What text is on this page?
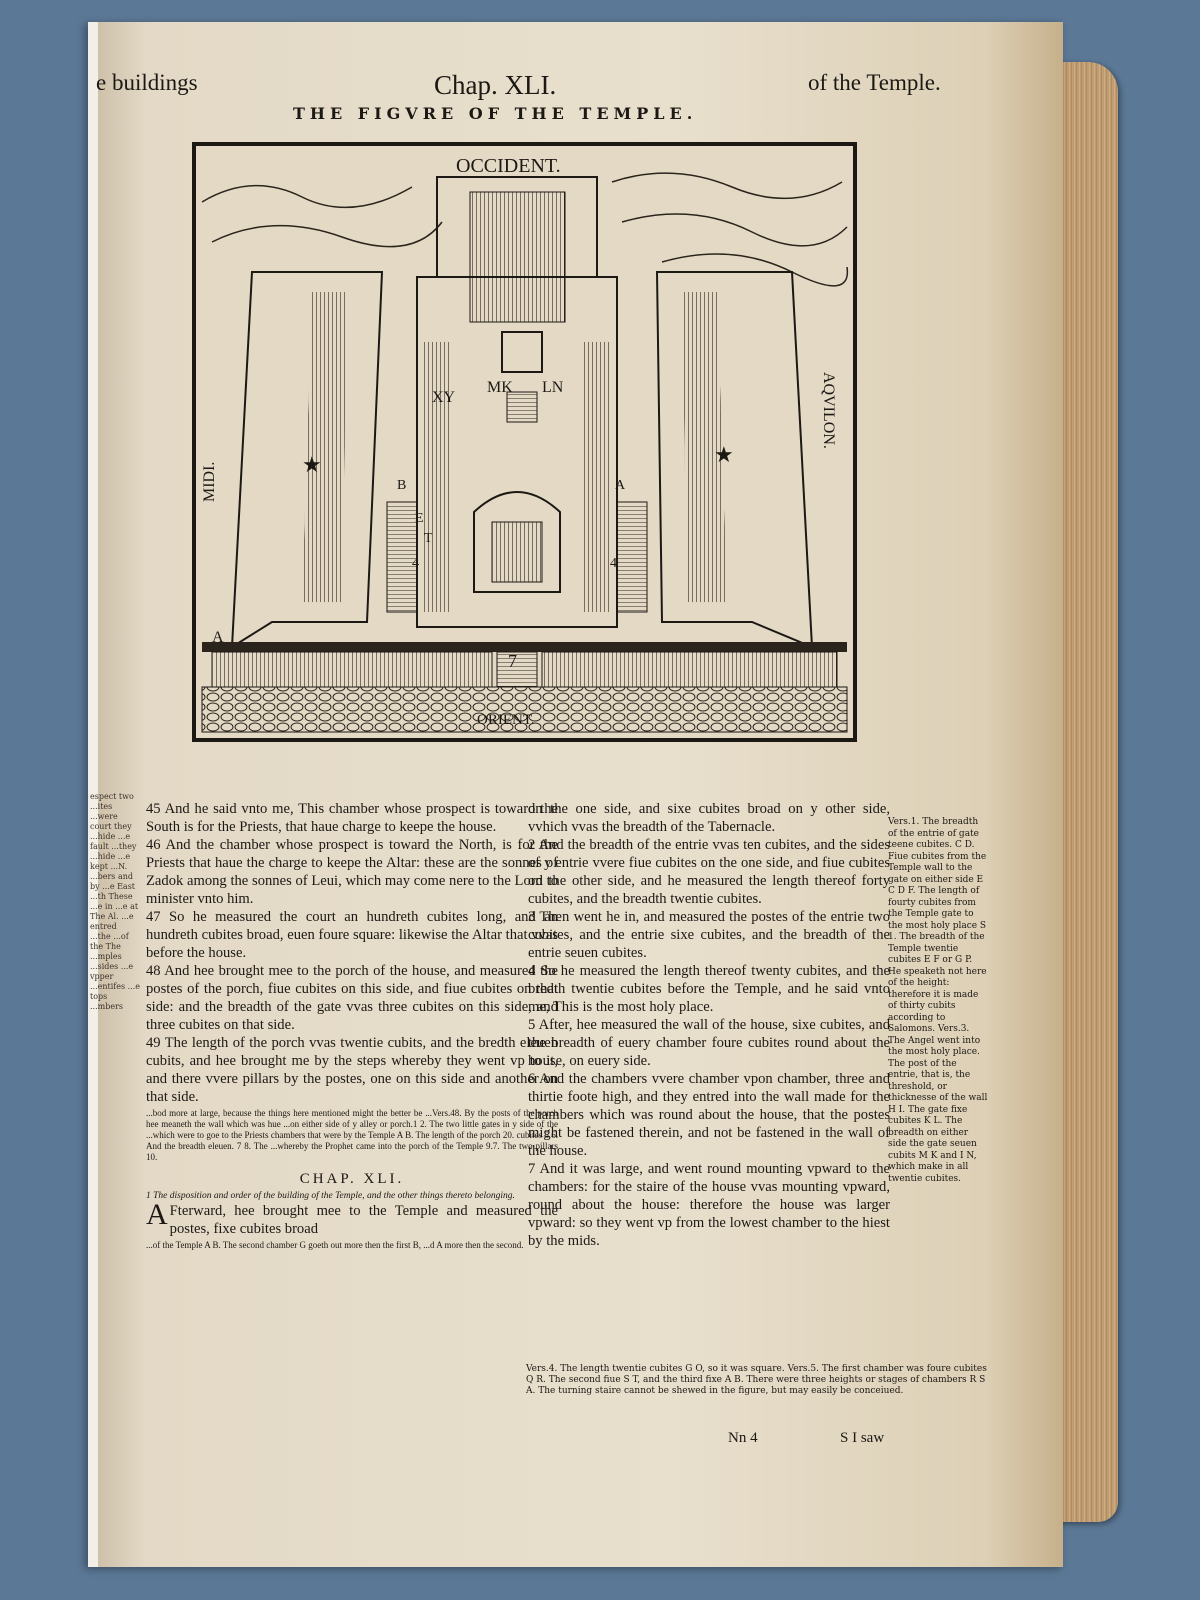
e buildings	Chap. XLI.	of the Temple.
THE FIGVRE OF THE TEMPLE.
OCCIDENT.
ORIENT.
MIDI.
AQVILON.
★	★
XY
MK LN
7
4	4
A
B	A
E
T
espect two ...ites ...were court they ...hide ...e fault ...they ...hide ...e kept ...N. ...bers and by ...e East ...th These ...e in ...e at The Al. ...e entred ...the ...of the The ...mples ...sides ...e vpper ...entifes ...e tops ...mbers

45 And he said vnto me, This chamber whose prospect is toward the South is for the Priests, that haue charge to keepe the house.

46 And the chamber whose prospect is toward the North, is for the Priests that haue the charge to keepe the Altar: these are the sonnes of Zadok among the sonnes of Leui, which may come nere to the Lord to minister vnto him.

47 So he measured the court an hundreth cubites long, and an hundreth cubites broad, euen foure square: likewise the Altar that vvas before the house.

48 And hee brought mee to the porch of the house, and measured the postes of the porch, fiue cubites on this side, and fiue cubites on that side: and the breadth of the gate vvas three cubites on this side, and three cubites on that side.

49 The length of the porch vvas twentie cubits, and the bredth eleuen cubits, and hee brought me by the steps whereby they went vp to it, and there vvere pillars by the postes, one on this side and another on that side.

...bod more at large, because the things here mentioned might the better be ...Vers.48. By the posts of the porch hee meaneth the wall which was hue ...on either side of y alley or porch.1 2. The two little gates in y side of the ...which were to goe to the Priests chambers that were by the Temple A B. The length of the porch 20. cubites 5 6. And the breadth eleuen. 7 8. The ...whereby the Prophet came into the porch of the Temple 9.7. The two pillars 10.

CHAP. XLI.

1 The disposition and order of the building of the Temple, and the other things thereto belonging.

A Fterward, hee brought mee to the Temple and measured the postes, fixe cubites broad

...of the Temple A B. The second chamber G goeth out more then the first B, ...d A more then the second.

on the one side, and sixe cubites broad on y other side, vvhich vvas the breadth of the Tabernacle.

2 And the breadth of the entrie vvas ten cubites, and the sides of y entrie vvere fiue cubites on the one side, and fiue cubites on the other side, and he measured the length thereof forty cubites, and the breadth twentie cubites.

3 Then went he in, and measured the postes of the entrie two cubites, and the entrie sixe cubites, and the breadth of the entrie seuen cubites.

4 So he measured the length thereof twenty cubites, and the bredth twentie cubites before the Temple, and he said vnto me, This is the most holy place.

5 After, hee measured the wall of the house, sixe cubites, and the breadth of euery chamber foure cubites round about the house, on euery side.

6 And the chambers vvere chamber vpon chamber, three and thirtie foote high, and they entred into the wall made for the chambers which was round about the house, that the postes might be fastened therein, and not be fastened in the wall of the house.

7 And it was large, and went round mounting vpward to the chambers: for the staire of the house vvas mounting vpward, round about the house: therefore the house was larger vpward: so they went vp from the lowest chamber to the hiest by the mids.

Vers.1. The breadth of the entrie of gate teene cubites. C D. Fiue cubites from the Temple wall to the gate on either side E C D F. The length of fourty cubites from the Temple gate to the most holy place S 1. The breadth of the Temple twentie cubites E F or G P. He speaketh not here of the height: therefore it is made of thirty cubits according to Salomons. Vers.3. The Angel went into the most holy place. The post of the entrie, that is, the threshold, or thicknesse of the wall H I. The gate fixe cubites K L. The breadth on either side the gate seuen cubits M K and I N, which make in all twentie cubites.
Vers.4. The length twentie cubites G O, so it was square. Vers.5. The first chamber was foure cubites Q R. The second fiue S T, and the third fixe A B. There were three heights or stages of chambers R S A. The turning staire cannot be shewed in the figure, but may easily be conceiued.
Nn 4	S I saw
